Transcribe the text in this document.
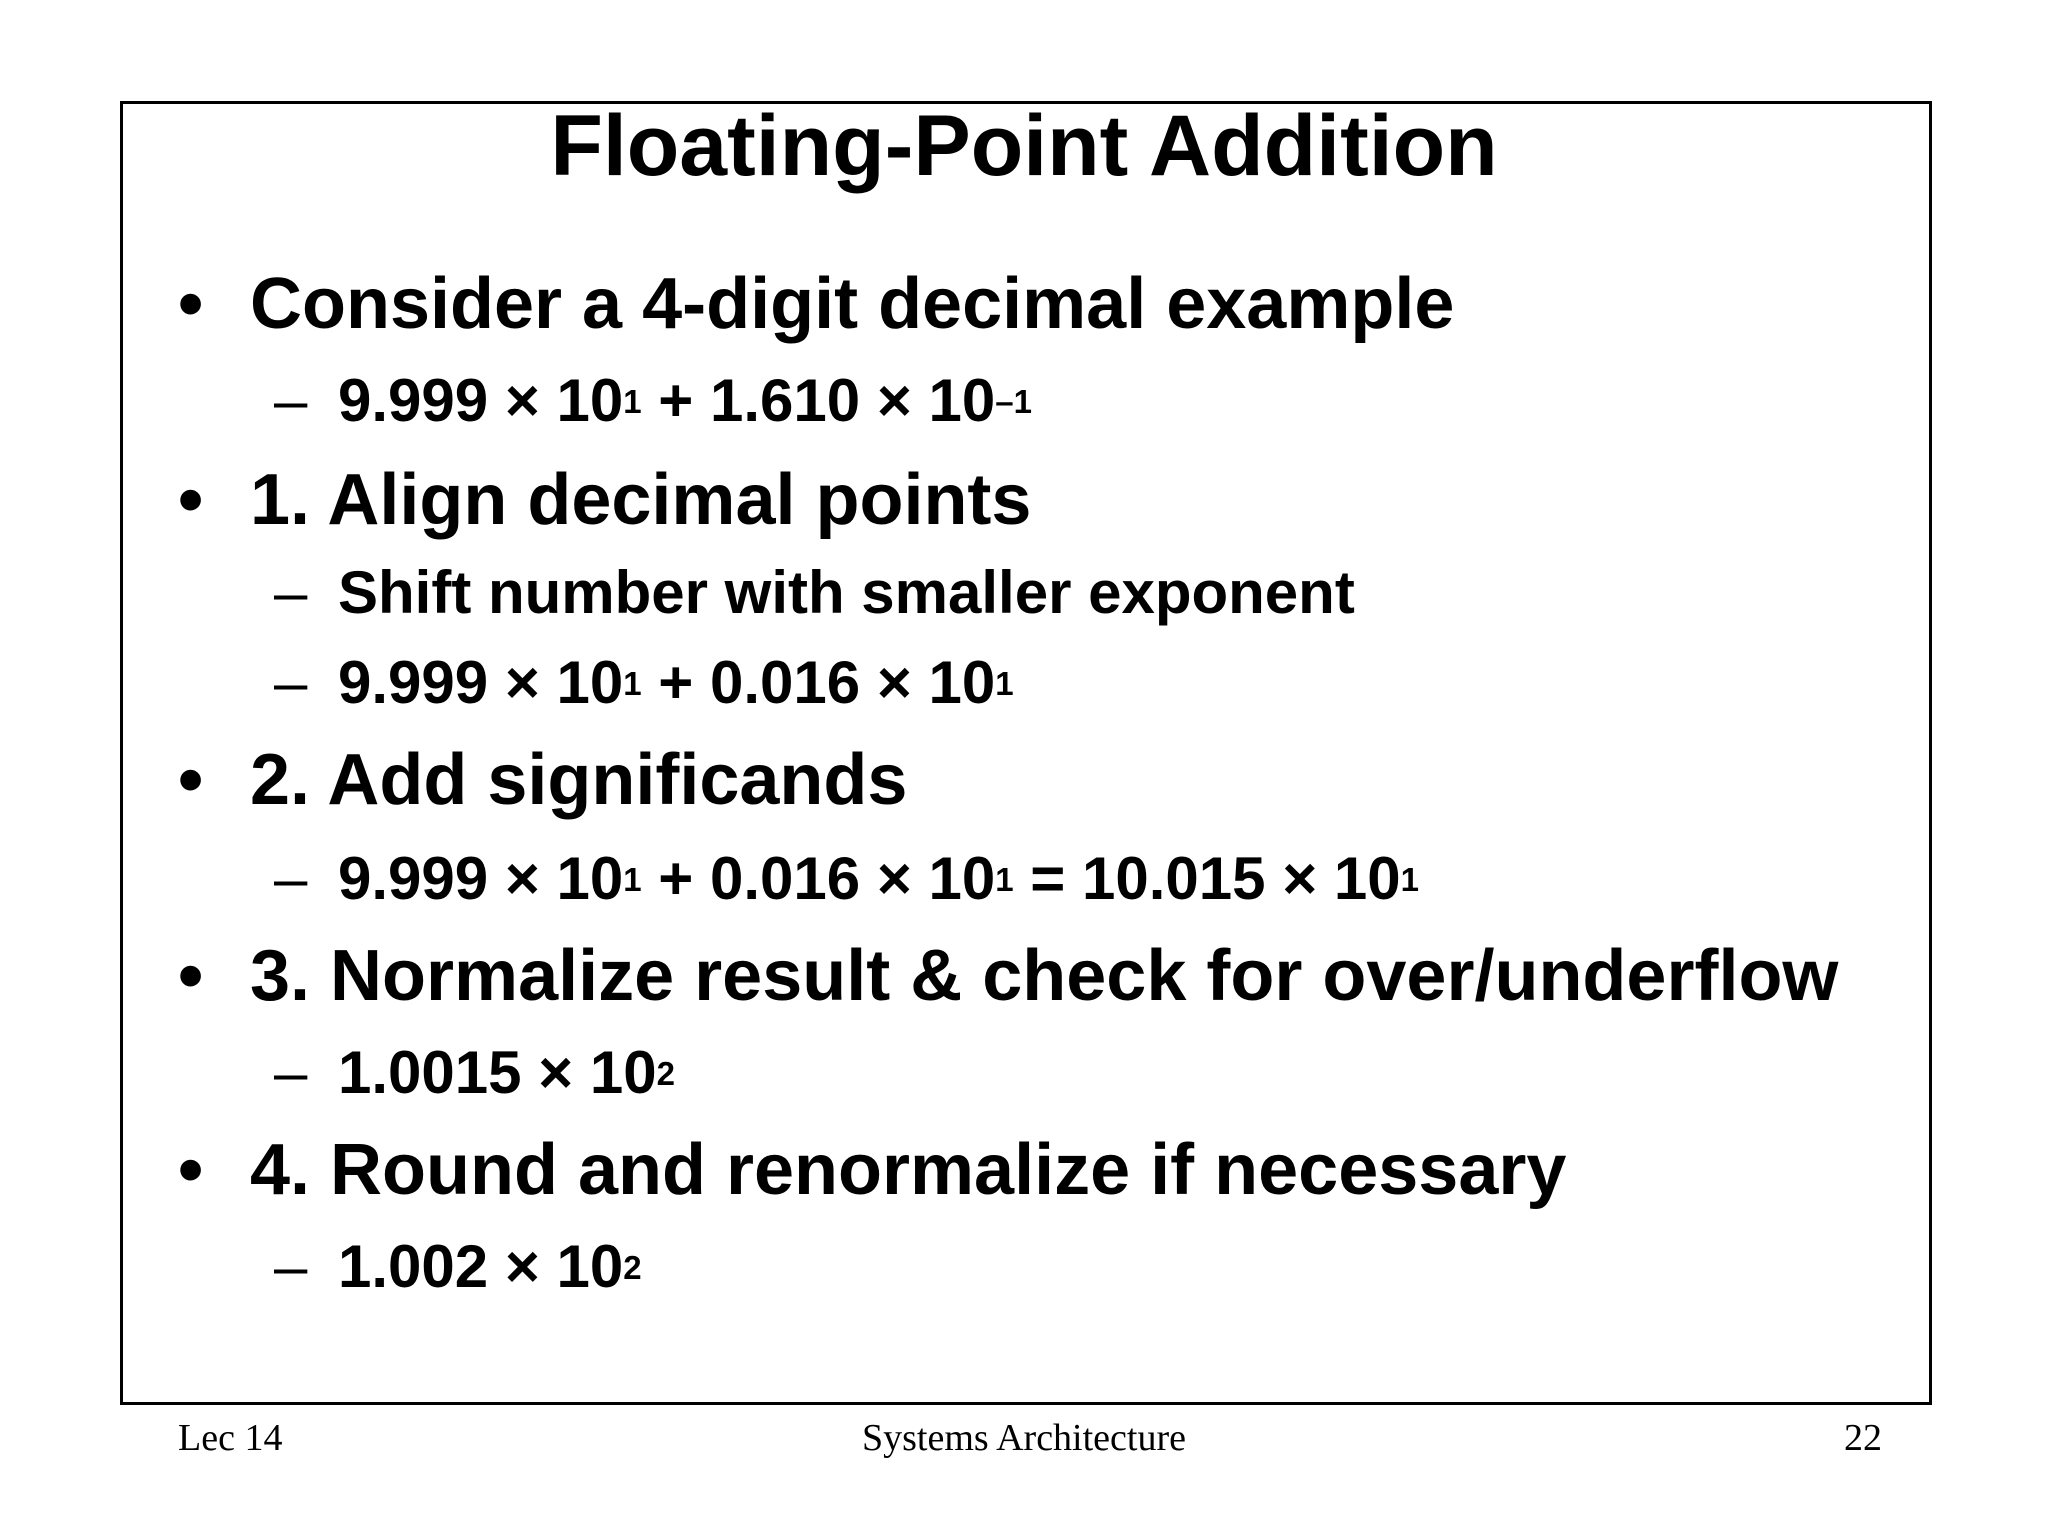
Floating-Point Addition
• Consider a 4-digit decimal example
– $9.999 \times 10^1 + 1.610 \times 10^{-1}$
• 1. Align decimal points
– Shift number with smaller exponent
– $9.999 \times 10^1 + 0.016 \times 10^1$
• 2. Add significands
– $9.999 \times 10^1 + 0.016 \times 10^1 = 10.015 \times 10^1$
• 3. Normalize result & check for over/underflow
– $1.0015 \times 10^2$
• 4. Round and renormalize if necessary
– $1.002 \times 10^2$
Lec 14	Systems Architecture	22
